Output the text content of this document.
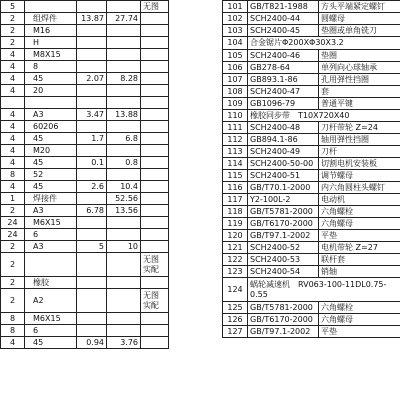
5				无图
2	组焊件	13.87	27.74	
2	M16			
2	H			
4	M8X15			
4	8			
4	45	2.07	8.28	
4	20			

4	A3	3.47	13.88	
4	60206			
4	45	1.7	6.8	
4	M20			
4	45	0.1	0.8	
8	52			
4	45	2.6	10.4	
1	焊接件		52.56	
2	A3	6.78	13.56	
24	M6X15			
24	6			
2	A3	5	10	
2				无图
实配
2	橡胶			
2	A2			无图
实配
8	M6X15			
8	6			
4	45	0.94	3.76	
101	GB/T821-1988	方头平端紧定螺钉
102	SCH2400-44	圆螺母
103	SCH2400-45	垫圈或单角铣刀
104	合金锯片Φ200XΦ30X3.2	
105	SCH2400-46	垫圈
106	GB278-64	单列向心球轴承
107	GB893.1-86	孔用弹性挡圈
108	SCH2400-47	套
109	GB1096-79	普通平键
110	橡胶同步带　T10X720X40	
111	SCH2400-48	刀杆带轮 Z=24
112	GB894.1-86	轴用弹性挡圈
113	SCH2400-49	刀杆
114	SCH2400-50-00	切割电机安装板
115	SCH2400-51	调节螺母
116	GB/T70.1-2000	内六角圆柱头螺钉
117	Y2-100L-2	电动机
118	GB/T5781-2000	六角螺栓
119	GB/T6170-2000	六角螺母
120	GB/T97.1-2002	平垫
121	SCH2400-52	电机带轮 Z=27
122	SCH2400-53	联杆套
123	SCH2400-54	销轴
124	蜗轮减速机　RV063-100-11DL0.75-0.55	
125	GB/T5781-2000	六角螺栓
126	GB/T6170-2000	六角螺母
127	GB/T97.1-2002	平垫
